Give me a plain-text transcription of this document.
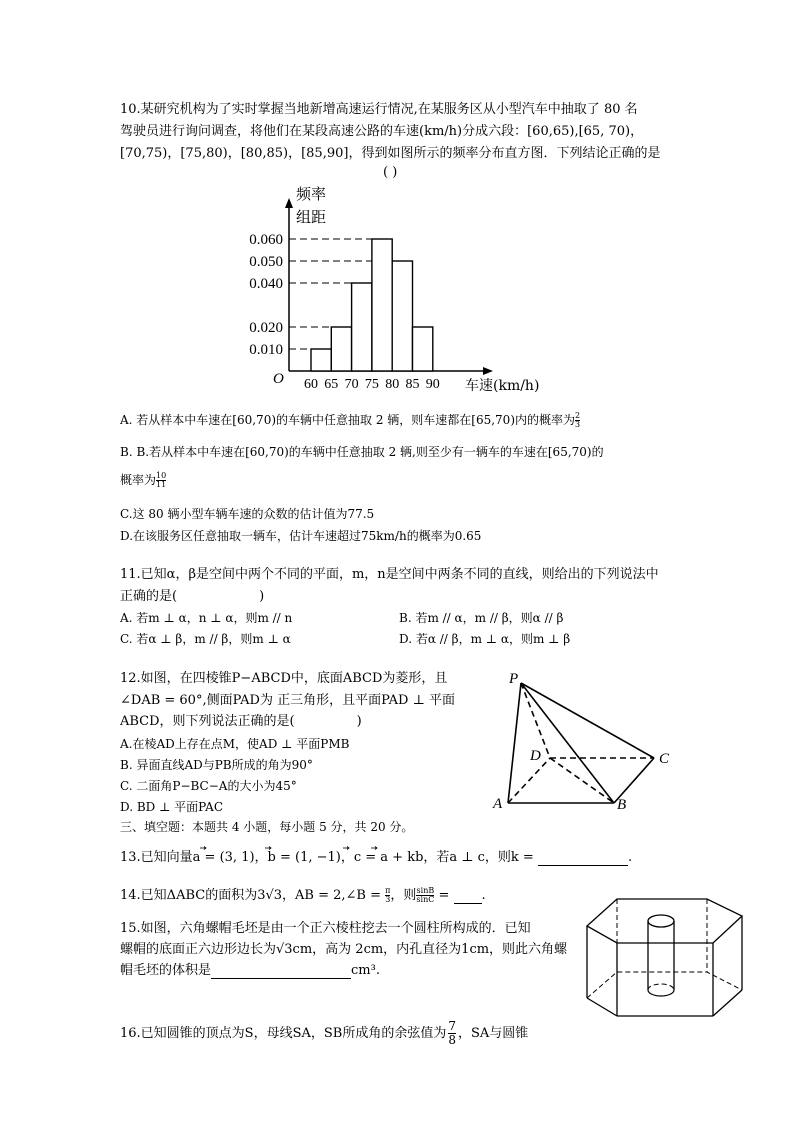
10.某研究机构为了实时掌握当地新增高速运行情况,在某服务区从小型汽车中抽取了 80 名
驾驶员进行询问调查，将他们在某段高速公路的车速(km/h)分成六段：[60,65),[65, 70)，
[70,75)，[75,80)，[80,85)，[85,90]，得到如图所示的频率分布直方图．下列结论正确的是
( )
0.010
0.020
0.040
0.050
0.060
60 65 70 75 80 85 90
频率
组距
O	车速(km/h)
A. 若从样本中车速在[60,70)的车辆中任意抽取 2 辆，则车速都在[65,70)内的概率为 $\frac{2}{3}$
B. B.若从样本中车速在[60,70)的车辆中任意抽取 2 辆,则至少有一辆车的车速在[65,70)的
概率为 $\frac{10}{11}$
C.这 80 辆小型车辆车速的众数的估计值为77.5
D.在该服务区任意抽取一辆车，估计车速超过75km/h的概率为0.65
11.已知α，β是空间中两个不同的平面，m，n是空间中两条不同的直线，则给出的下列说法中
正确的是(	)
A. 若m ⊥ α，n ⊥ α，则m // n	B. 若m // α，m // β，则α // β
C. 若α ⊥ β，m // β，则m ⊥ α	D. 若α // β，m ⊥ α，则m ⊥ β
12.如图，在四棱锥P−ABCD中，底面ABCD为菱形，且
∠DAB = 60°,侧面PAD为 正三角形，且平面PAD ⊥ 平面
ABCD，则下列说法正确的是(	)
A.在棱AD上存在点M，使AD ⊥ 平面PMB
B. 异面直线AD与PB所成的角为90°
C. 二面角P−BC−A的大小为45°
D. BD ⊥ 平面PAC
P
D	C
A	B
三、填空题：本题共 4 小题，每小题 5 分，共 20 分。
13.已知向量a = (3, 1)，b = (1, −1)，c = a + kb，若a ⊥ c，则k =	.
14.已知ΔABC的面积为3√3，AB = 2,∠B = $\frac{\pi}{3}$ ，则 $\frac{\sin B}{\sin C}$ = .
15.如图，六角螺帽毛坯是由一个正六棱柱挖去一个圆柱所构成的．已知
螺帽的底面正六边形边长为√3cm，高为 2cm，内孔直径为1cm，则此六角螺
帽毛坯的体积是	cm³.
16.已知圆锥的顶点为S，母线SA，SB所成角的余弦值为 $\frac{7}{8}$ ，SA与圆锥
